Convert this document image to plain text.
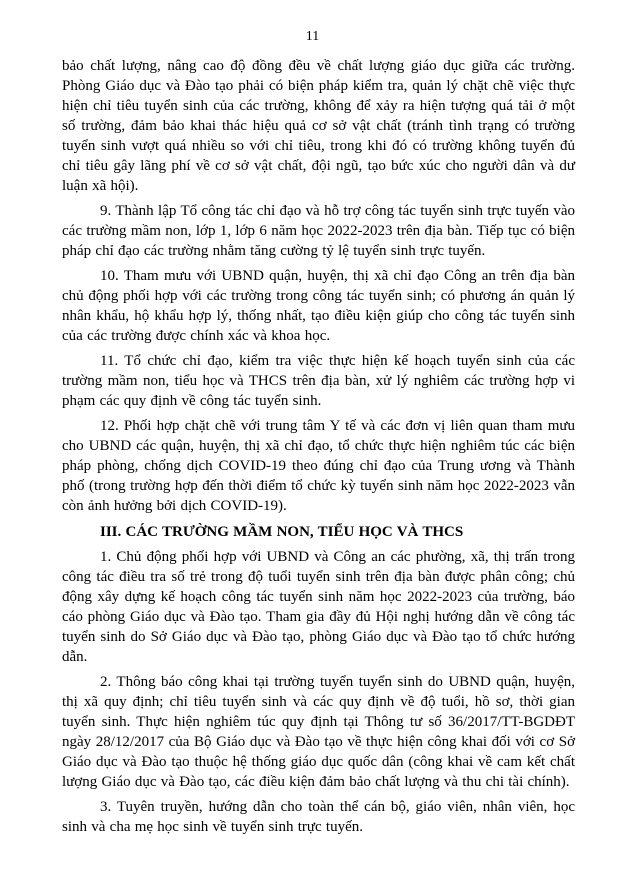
11

bảo chất lượng, nâng cao độ đồng đều về chất lượng giáo dục giữa các trường. Phòng Giáo dục và Đào tạo phải có biện pháp kiểm tra, quản lý chặt chẽ việc thực hiện chỉ tiêu tuyển sinh của các trường, không để xảy ra hiện tượng quá tải ở một số trường, đảm bảo khai thác hiệu quả cơ sở vật chất (tránh tình trạng có trường tuyển sinh vượt quá nhiều so với chỉ tiêu, trong khi đó có trường không tuyển đủ chỉ tiêu gây lãng phí về cơ sở vật chất, đội ngũ, tạo bức xúc cho người dân và dư luận xã hội).

9. Thành lập Tổ công tác chỉ đạo và hỗ trợ công tác tuyển sinh trực tuyến vào các trường mầm non, lớp 1, lớp 6 năm học 2022-2023 trên địa bàn. Tiếp tục có biện pháp chỉ đạo các trường nhằm tăng cường tỷ lệ tuyển sinh trực tuyến.

10. Tham mưu với UBND quận, huyện, thị xã chỉ đạo Công an trên địa bàn chủ động phối hợp với các trường trong công tác tuyển sinh; có phương án quản lý nhân khẩu, hộ khẩu hợp lý, thống nhất, tạo điều kiện giúp cho công tác tuyển sinh của các trường được chính xác và khoa học.

11. Tổ chức chỉ đạo, kiểm tra việc thực hiện kế hoạch tuyển sinh của các trường mầm non, tiểu học và THCS trên địa bàn, xử lý nghiêm các trường hợp vi phạm các quy định về công tác tuyển sinh.

12. Phối hợp chặt chẽ với trung tâm Y tế và các đơn vị liên quan tham mưu cho UBND các quận, huyện, thị xã chỉ đạo, tổ chức thực hiện nghiêm túc các biện pháp phòng, chống dịch COVID-19 theo đúng chỉ đạo của Trung ương và Thành phố (trong trường hợp đến thời điểm tổ chức kỳ tuyển sinh năm học 2022-2023 vẫn còn ảnh hưởng bởi dịch COVID-19).

III. CÁC TRƯỜNG MẦM NON, TIỂU HỌC VÀ THCS

1. Chủ động phối hợp với UBND và Công an các phường, xã, thị trấn trong công tác điều tra số trẻ trong độ tuổi tuyển sinh trên địa bàn được phân công; chủ động xây dựng kế hoạch công tác tuyển sinh năm học 2022-2023 của trường, báo cáo phòng Giáo dục và Đào tạo. Tham gia đầy đủ Hội nghị hướng dẫn về công tác tuyển sinh do Sở Giáo dục và Đào tạo, phòng Giáo dục và Đào tạo tổ chức hướng dẫn.

2. Thông báo công khai tại trường tuyển tuyển sinh do UBND quận, huyện, thị xã quy định; chỉ tiêu tuyển sinh và các quy định về độ tuổi, hồ sơ, thời gian tuyển sinh. Thực hiện nghiêm túc quy định tại Thông tư số 36/2017/TT-BGDĐT ngày 28/12/2017 của Bộ Giáo dục và Đào tạo về thực hiện công khai đối với cơ Sở Giáo dục và Đào tạo thuộc hệ thống giáo dục quốc dân (công khai về cam kết chất lượng Giáo dục và Đào tạo, các điều kiện đảm bảo chất lượng và thu chi tài chính).

3. Tuyên truyền, hướng dẫn cho toàn thể cán bộ, giáo viên, nhân viên, học sinh và cha mẹ học sinh về tuyển sinh trực tuyến.
